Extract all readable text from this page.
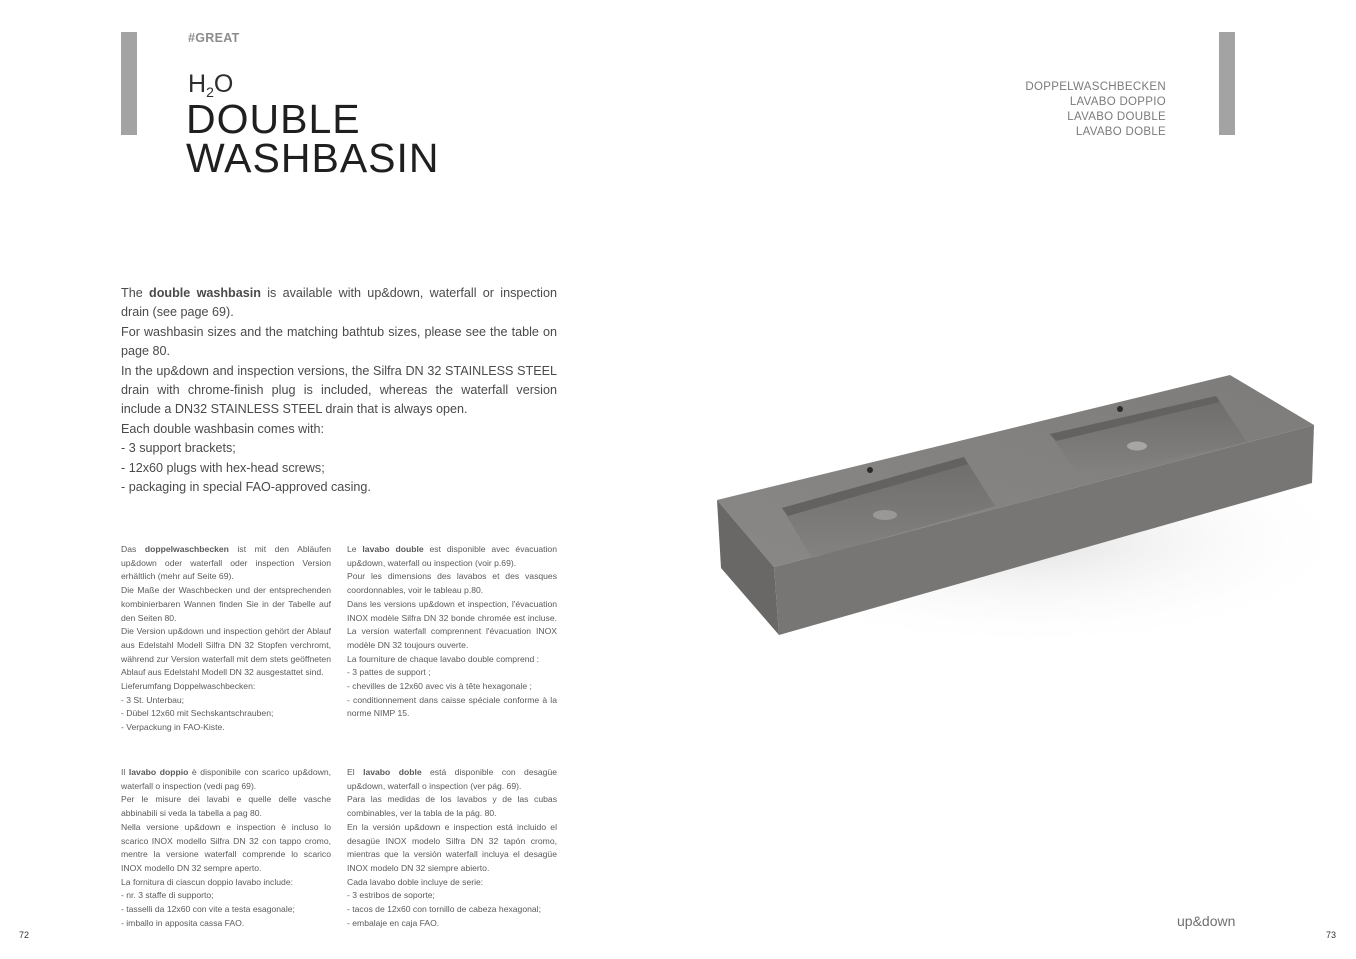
#GREAT
$H_2O$
DOUBLE
WASHBASIN
DOPPELWASCHBECKEN
LAVABO DOPPIO
LAVABO DOUBLE
LAVABO DOBLE

The double washbasin is available with up&down, waterfall or inspection drain (see page 69).

For washbasin sizes and the matching bathtub sizes, please see the table on page 80.

In the up&down and inspection versions, the Silfra DN 32 STAINLESS STEEL drain with chrome-finish plug is included, whereas the waterfall version include a DN32 STAINLESS STEEL drain that is always open.

Each double washbasin comes with:

- 3 support brackets;

- 12x60 plugs with hex-head screws;

- packaging in special FAO-approved casing.

Das doppelwaschbecken ist mit den Abläufen up&down oder waterfall oder inspection Version erhältlich (mehr auf Seite 69).

Die Maße der Waschbecken und der entsprechenden kombinierbaren Wannen finden Sie in der Tabelle auf den Seiten 80.

Die Version up&down und inspection gehört der Ablauf aus Edelstahl Modell Silfra DN 32 Stopfen verchromt, während zur Version waterfall mit dem stets geöffneten Ablauf aus Edelstahl Modell DN 32 ausgestattet sind.

Lieferumfang Doppelwaschbecken:

- 3 St. Unterbau;

- Dübel 12x60 mit Sechskantschrauben;

- Verpackung in FAO-Kiste.

Le lavabo double est disponible avec évacuation up&down, waterfall ou inspection (voir p.69).

Pour les dimensions des lavabos et des vasques coordonnables, voir le tableau p.80.

Dans les versions up&down et inspection, l'évacuation INOX modèle Silfra DN 32 bonde chromée est incluse. La version waterfall comprennent l'évacuation INOX modèle DN 32 toujours ouverte.

La fourniture de chaque lavabo double comprend :

- 3 pattes de support ;

- chevilles de 12x60 avec vis à tête hexagonale ;

- conditionnement dans caisse spéciale conforme à la norme NIMP 15.

Il lavabo doppio è disponibile con scarico up&down, waterfall o inspection (vedi pag 69).

Per le misure dei lavabi e quelle delle vasche abbinabili si veda la tabella a pag 80.

Nella versione up&down e inspection è incluso lo scarico INOX modello Silfra DN 32 con tappo cromo, mentre la versione waterfall comprende lo scarico INOX modello DN 32 sempre aperto.

La fornitura di ciascun doppio lavabo include:

- nr. 3 staffe di supporto;

- tasselli da 12x60 con vite a testa esagonale;

- imballo in apposita cassa FAO.

El lavabo doble está disponible con desagüe up&down, waterfall o inspection (ver pág. 69).

Para las medidas de los lavabos y de las cubas combinables, ver la tabla de la pág. 80.

En la versión up&down e inspection está incluido el desagüe INOX modelo Silfra DN 32 tapón cromo, mientras que la versión waterfall incluya el desagüe INOX modelo DN 32 siempre abierto.

Cada lavabo doble incluye de serie:

- 3 estribos de soporte;

- tacos de 12x60 con tornillo de cabeza hexagonal;

- embalaje en caja FAO.

72	73
up&down
